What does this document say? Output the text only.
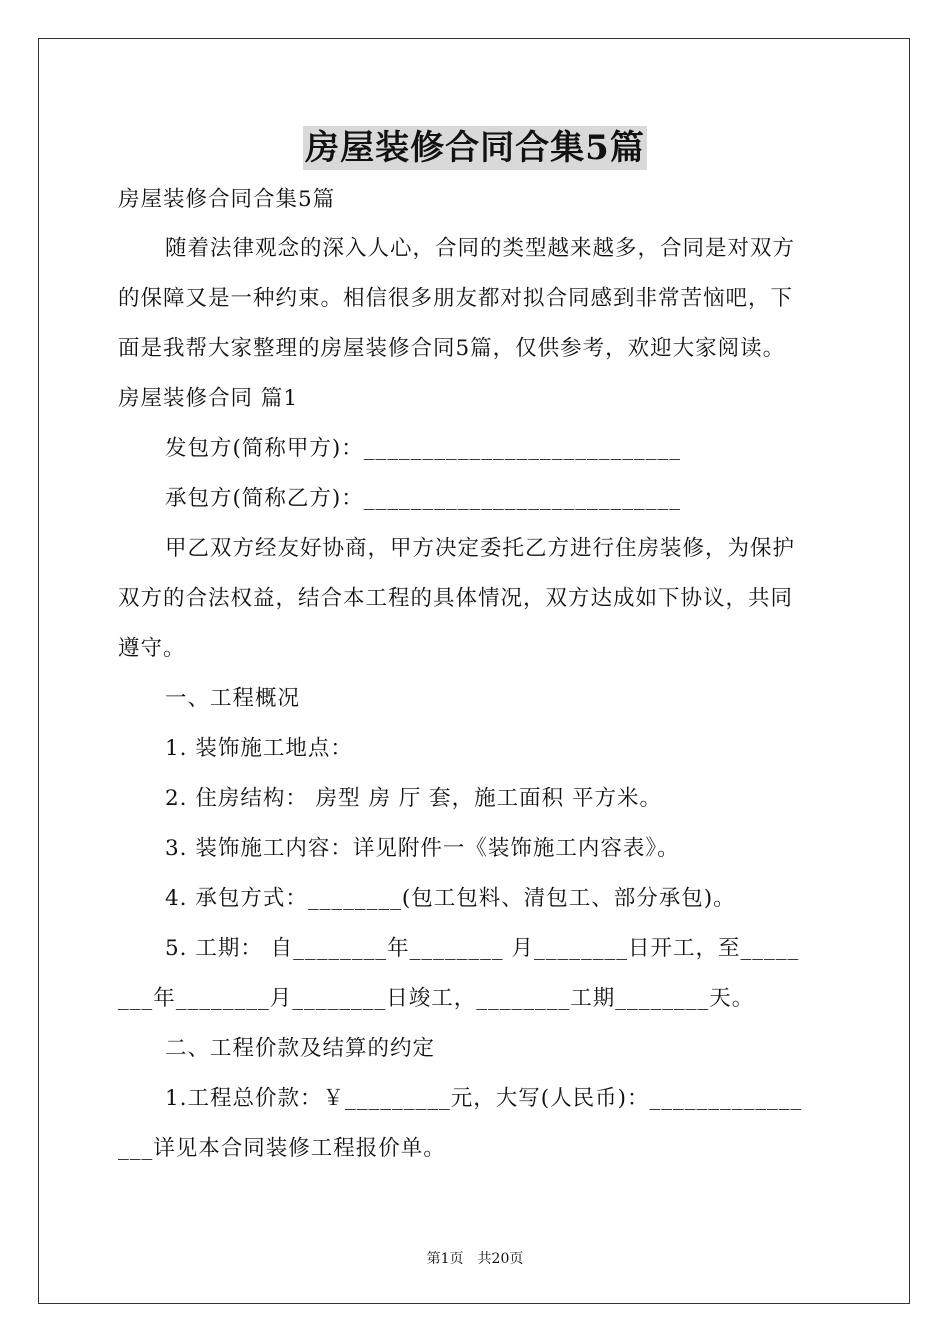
房屋装修合同合集5篇
房屋装修合同合集5篇
随着法律观念的深入人心，合同的类型越来越多，合同是对双方
的保障又是一种约束。相信很多朋友都对拟合同感到非常苦恼吧，下
面是我帮大家整理的房屋装修合同5篇，仅供参考，欢迎大家阅读。
房屋装修合同 篇1
发包方(简称甲方)：___________________________
承包方(简称乙方)：___________________________
甲乙双方经友好协商，甲方决定委托乙方进行住房装修，为保护
双方的合法权益，结合本工程的具体情况，双方达成如下协议，共同
遵守。
一、工程概况
1. 装饰施工地点：
2. 住房结构： 房型 房 厅 套，施工面积 平方米。
3. 装饰施工内容：详见附件一《装饰施工内容表》。
4. 承包方式：________(包工包料、清包工、部分承包)。
5. 工期： 自________年________ 月________日开工，至_____
___年________月________日竣工，________工期________天。
二、工程价款及结算的约定
1.工程总价款：￥_________元，大写(人民币)：_____________
___详见本合同装修工程报价单。
第1页　共20页
